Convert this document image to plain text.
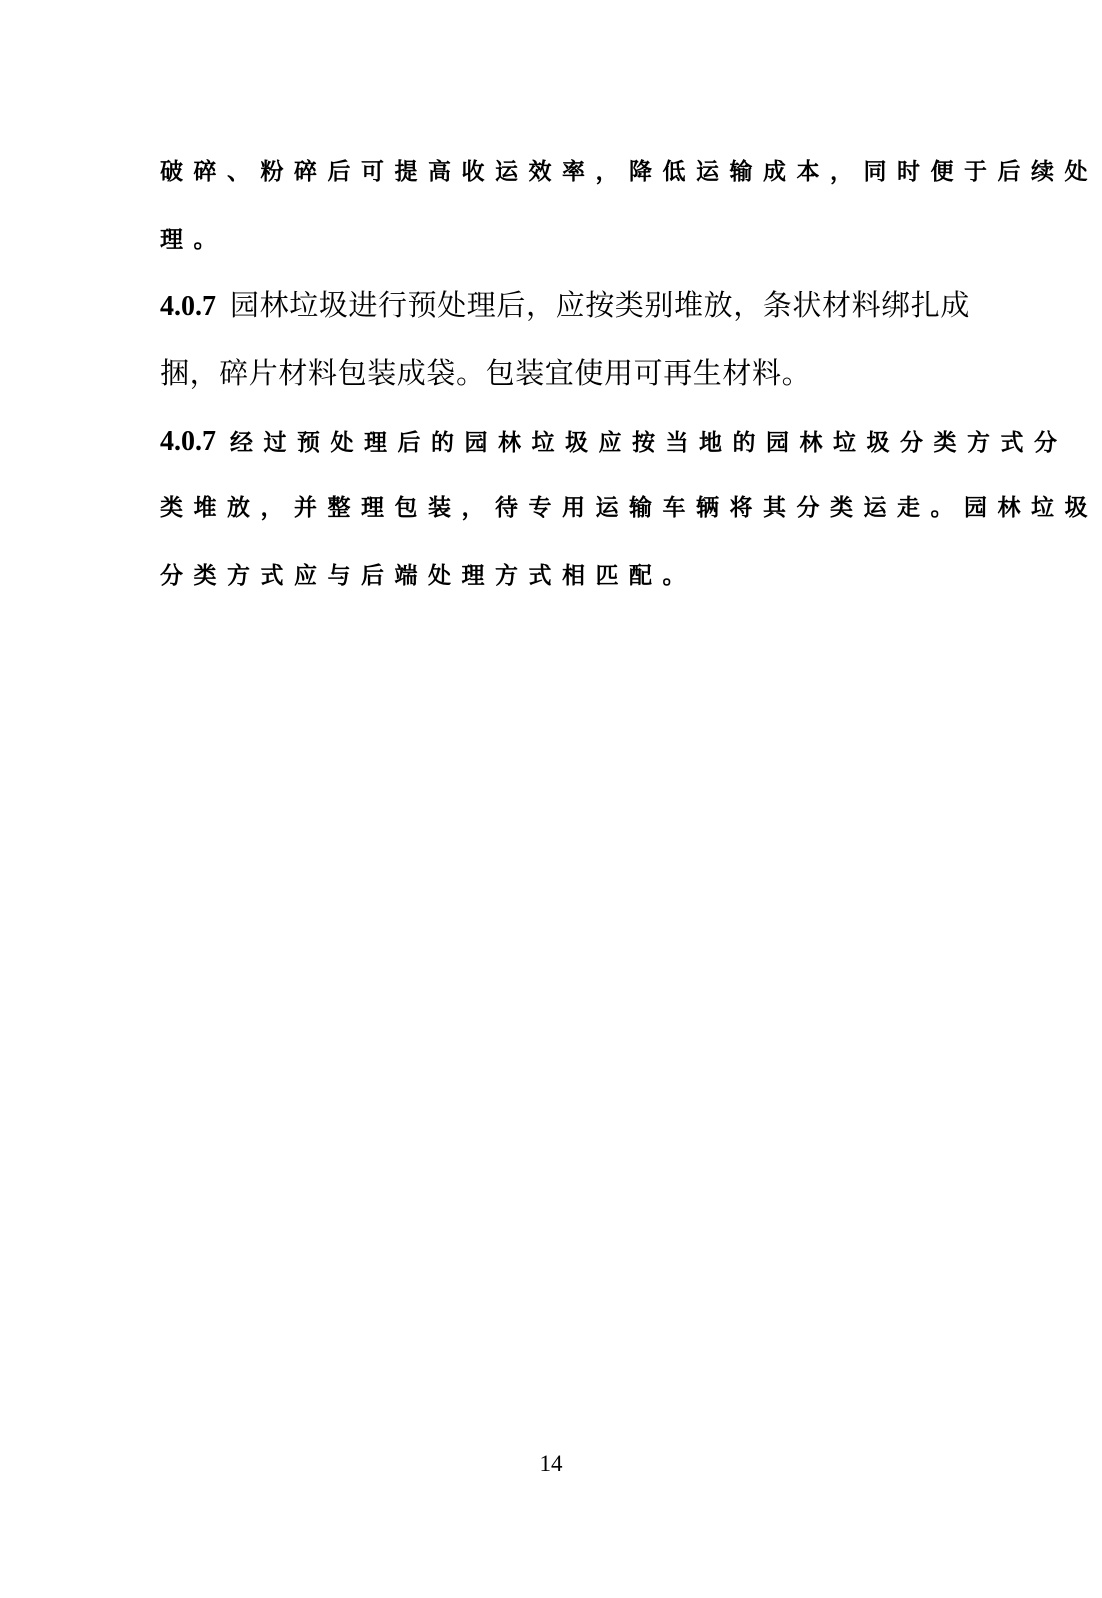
破碎、粉碎后可提高收运效率，降低运输成本，同时便于后续处
理。
4.0.7 园林垃圾进行预处理后，应按类别堆放，条状材料绑扎成
捆，碎片材料包装成袋。包装宜使用可再生材料。
4.0.7 经过预处理后的园林垃圾应按当地的园林垃圾分类方式分
类堆放，并整理包装，待专用运输车辆将其分类运走。园林垃圾
分类方式应与后端处理方式相匹配。
14
